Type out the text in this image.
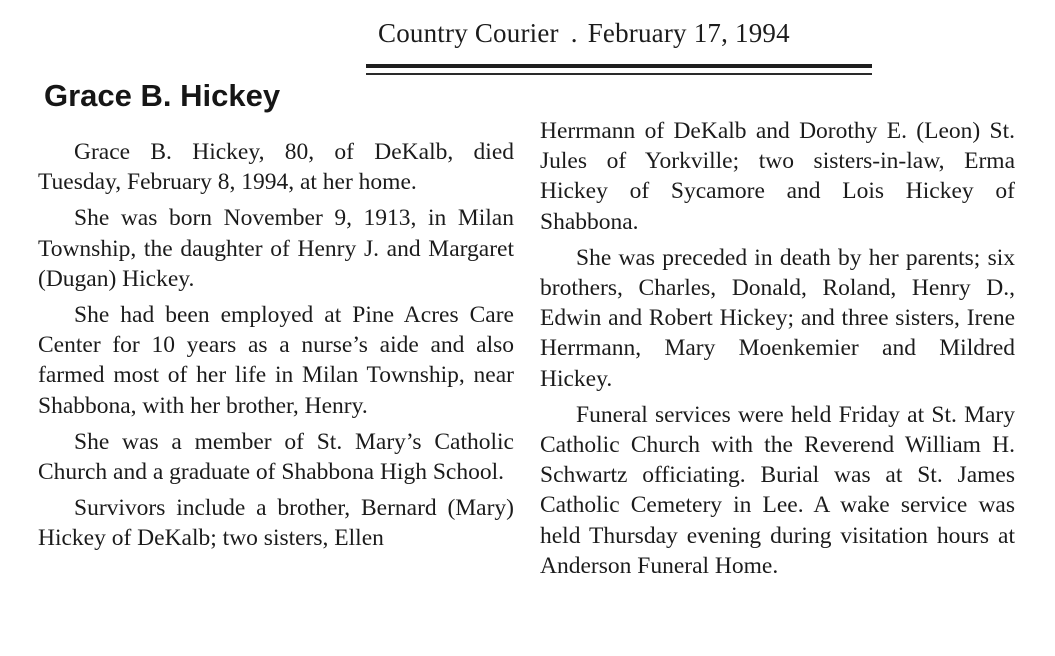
Country Courier . February 17, 1994
Grace B. Hickey

Grace B. Hickey, 80, of DeKalb, died Tuesday, February 8, 1994, at her home.

She was born November 9, 1913, in Milan Township, the daughter of Henry J. and Margaret (Dugan) Hickey.

She had been employed at Pine Acres Care Center for 10 years as a nurse’s aide and also farmed most of her life in Milan Township, near Shabbona, with her brother, Henry.

She was a member of St. Mary’s Catholic Church and a graduate of Shabbona High School.

Survivors include a brother, Bernard (Mary) Hickey of DeKalb; two sisters, Ellen

Herrmann of DeKalb and Dorothy E. (Leon) St. Jules of Yorkville; two sisters-in-law, Erma Hickey of Sycamore and Lois Hickey of Shabbona.

She was preceded in death by her parents; six brothers, Charles, Donald, Roland, Henry D., Edwin and Robert Hickey; and three sisters, Irene Herrmann, Mary Moenkemier and Mildred Hickey.

Funeral services were held Friday at St. Mary Catholic Church with the Reverend William H. Schwartz officiating. Burial was at St. James Catholic Cemetery in Lee. A wake service was held Thursday evening during visitation hours at Anderson Funeral Home.
